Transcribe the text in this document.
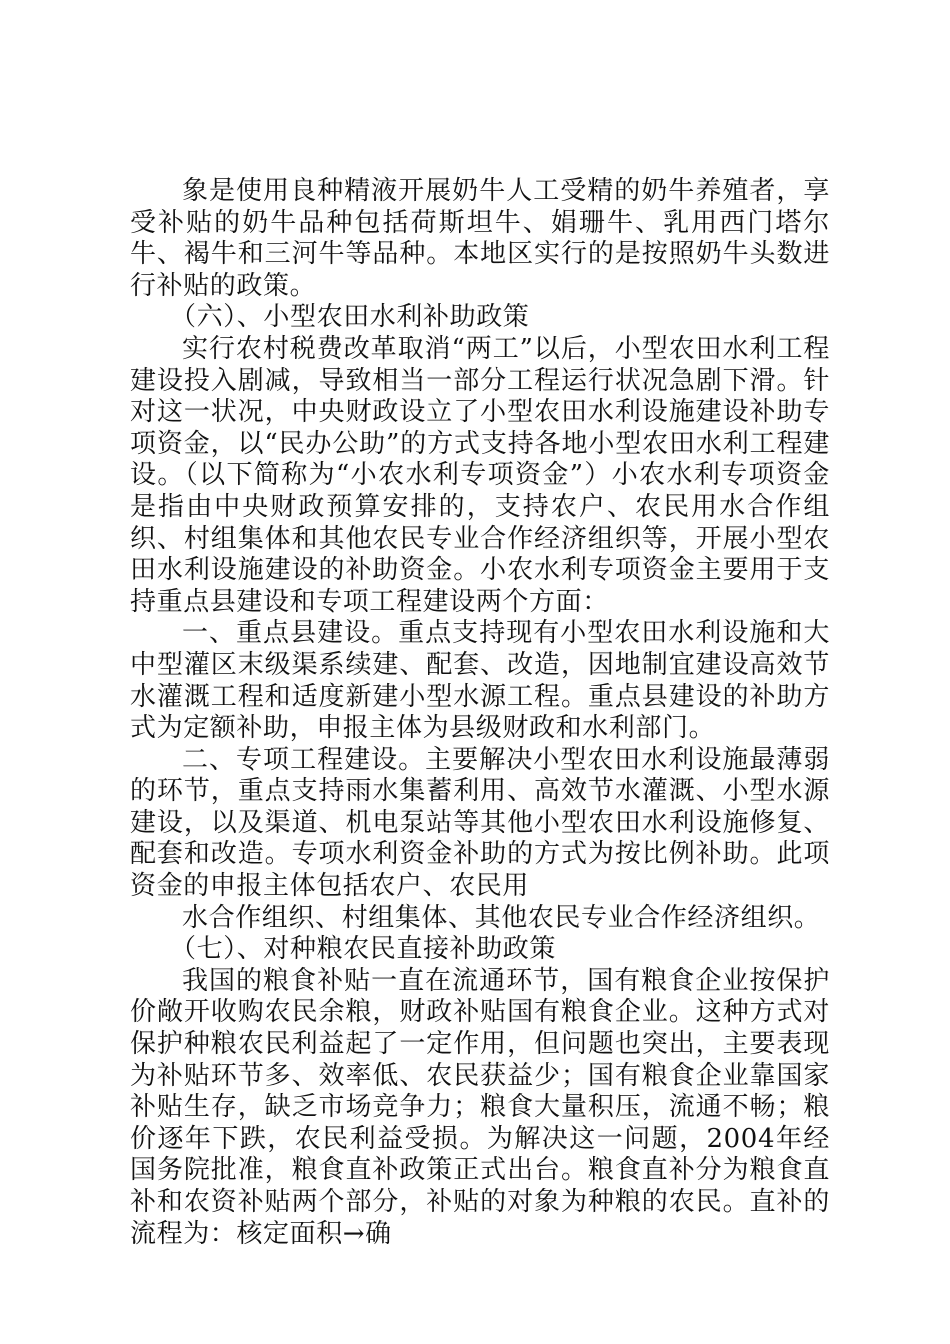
象是使用良种精液开展奶牛人工受精的奶牛养殖者，享受补贴的奶牛品种包括荷斯坦牛、娟珊牛、乳用西门塔尔牛、褐牛和三河牛等品种。本地区实行的是按照奶牛头数进行补贴的政策。

（六）、小型农田水利补助政策

实行农村税费改革取消“两工”以后，小型农田水利工程建设投入剧减，导致相当一部分工程运行状况急剧下滑。针对这一状况，中央财政设立了小型农田水利设施建设补助专项资金，以“民办公助”的方式支持各地小型农田水利工程建设。（以下简称为“小农水利专项资金”）小农水利专项资金是指由中央财政预算安排的，支持农户、农民用水合作组织、村组集体和其他农民专业合作经济组织等，开展小型农田水利设施建设的补助资金。小农水利专项资金主要用于支持重点县建设和专项工程建设两个方面：

一、重点县建设。重点支持现有小型农田水利设施和大中型灌区末级渠系续建、配套、改造，因地制宜建设高效节水灌溉工程和适度新建小型水源工程。重点县建设的补助方式为定额补助，申报主体为县级财政和水利部门。

二、专项工程建设。主要解决小型农田水利设施最薄弱的环节，重点支持雨水集蓄利用、高效节水灌溉、小型水源建设，以及渠道、机电泵站等其他小型农田水利设施修复、配套和改造。专项水利资金补助的方式为按比例补助。此项资金的申报主体包括农户、农民用

水合作组织、村组集体、其他农民专业合作经济组织。

（七）、对种粮农民直接补助政策

我国的粮食补贴一直在流通环节，国有粮食企业按保护价敞开收购农民余粮，财政补贴国有粮食企业。这种方式对保护种粮农民利益起了一定作用，但问题也突出，主要表现为补贴环节多、效率低、农民获益少；国有粮食企业靠国家补贴生存，缺乏市场竞争力；粮食大量积压，流通不畅；粮价逐年下跌，农民利益受损。为解决这一问题，2004年经国务院批准，粮食直补政策正式出台。粮食直补分为粮食直补和农资补贴两个部分，补贴的对象为种粮的农民。直补的流程为：核定面积→确
